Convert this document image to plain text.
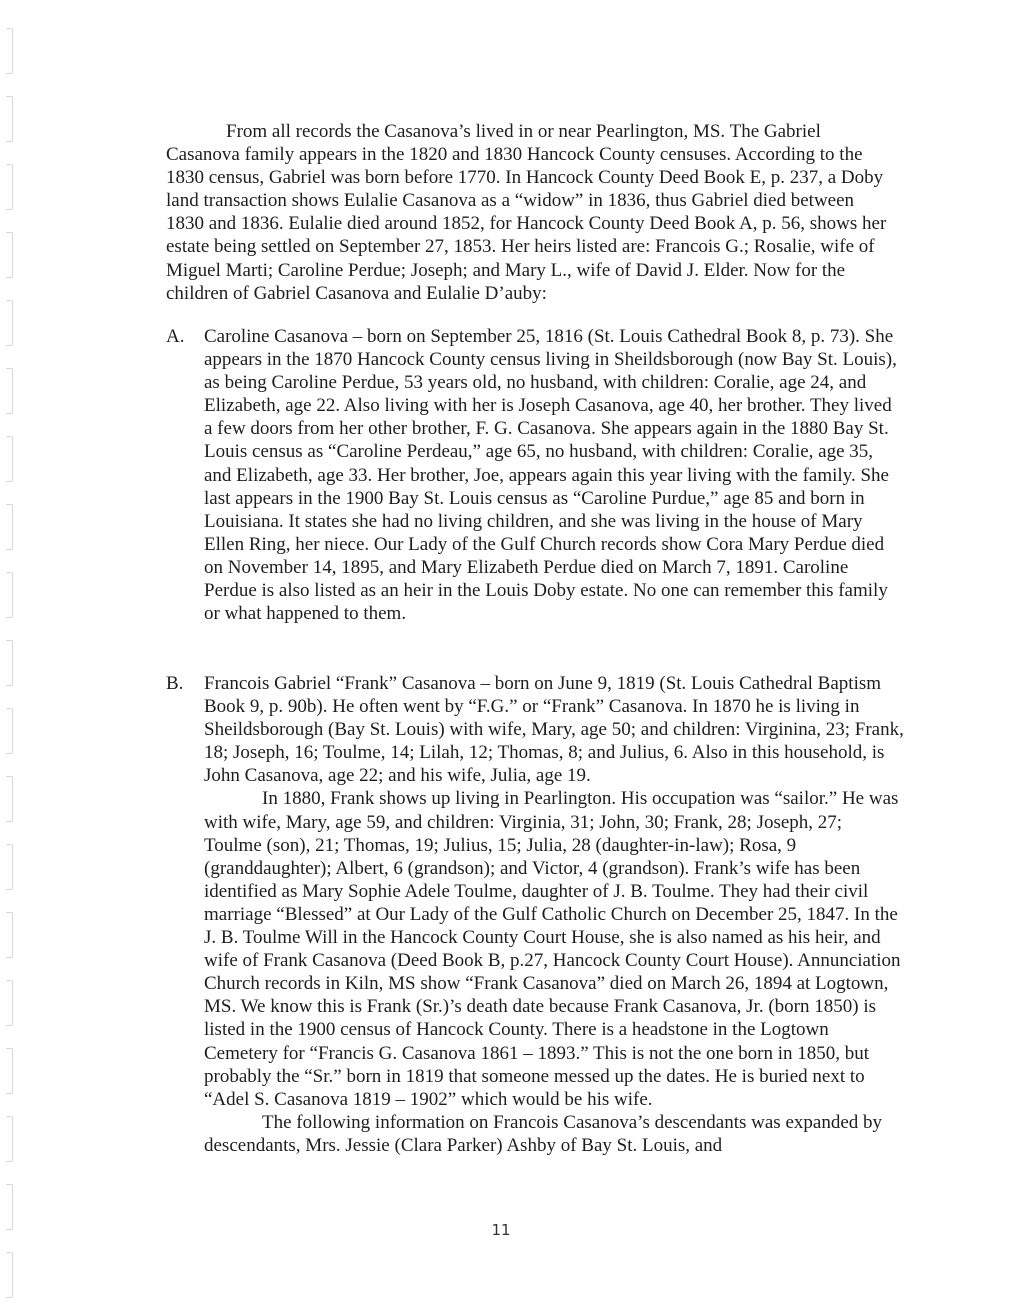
From all records the Casanova’s lived in or near Pearlington, MS. The Gabriel Casanova family appears in the 1820 and 1830 Hancock County censuses. According to the 1830 census, Gabriel was born before 1770. In Hancock County Deed Book E, p. 237, a Doby land transaction shows Eulalie Casanova as a “widow” in 1836, thus Gabriel died between 1830 and 1836. Eulalie died around 1852, for Hancock County Deed Book A, p. 56, shows her estate being settled on September 27, 1853. Her heirs listed are: Francois G.; Rosalie, wife of Miguel Marti; Caroline Perdue; Joseph; and Mary L., wife of David J. Elder. Now for the children of Gabriel Casanova and Eulalie D’auby:

A. Caroline Casanova – born on September 25, 1816 (St. Louis Cathedral Book 8, p. 73). She appears in the 1870 Hancock County census living in Sheildsborough (now Bay St. Louis), as being Caroline Perdue, 53 years old, no husband, with children: Coralie, age 24, and Elizabeth, age 22. Also living with her is Joseph Casanova, age 40, her brother. They lived a few doors from her other brother, F. G. Casanova. She appears again in the 1880 Bay St. Louis census as “Caroline Perdeau,” age 65, no husband, with children: Coralie, age 35, and Elizabeth, age 33. Her brother, Joe, appears again this year living with the family. She last appears in the 1900 Bay St. Louis census as “Caroline Purdue,” age 85 and born in Louisiana. It states she had no living children, and she was living in the house of Mary Ellen Ring, her niece. Our Lady of the Gulf Church records show Cora Mary Perdue died on November 14, 1895, and Mary Elizabeth Perdue died on March 7, 1891. Caroline Perdue is also listed as an heir in the Louis Doby estate. No one can remember this family or what happened to them.

B. Francois Gabriel “Frank” Casanova – born on June 9, 1819 (St. Louis Cathedral Baptism Book 9, p. 90b). He often went by “F.G.” or “Frank” Casanova. In 1870 he is living in Sheildsborough (Bay St. Louis) with wife, Mary, age 50; and children: Virginina, 23; Frank, 18; Joseph, 16; Toulme, 14; Lilah, 12; Thomas, 8; and Julius, 6. Also in this household, is John Casanova, age 22; and his wife, Julia, age 19.

In 1880, Frank shows up living in Pearlington. His occupation was “sailor.” He was with wife, Mary, age 59, and children: Virginia, 31; John, 30; Frank, 28; Joseph, 27; Toulme (son), 21; Thomas, 19; Julius, 15; Julia, 28 (daughter-in-law); Rosa, 9 (granddaughter); Albert, 6 (grandson); and Victor, 4 (grandson). Frank’s wife has been identified as Mary Sophie Adele Toulme, daughter of J. B. Toulme. They had their civil marriage “Blessed” at Our Lady of the Gulf Catholic Church on December 25, 1847. In the J. B. Toulme Will in the Hancock County Court House, she is also named as his heir, and wife of Frank Casanova (Deed Book B, p.27, Hancock County Court House). Annunciation Church records in Kiln, MS show “Frank Casanova” died on March 26, 1894 at Logtown, MS. We know this is Frank (Sr.)’s death date because Frank Casanova, Jr. (born 1850) is listed in the 1900 census of Hancock County. There is a headstone in the Logtown Cemetery for “Francis G. Casanova 1861 – 1893.” This is not the one born in 1850, but probably the “Sr.” born in 1819 that someone messed up the dates. He is buried next to “Adel S. Casanova 1819 – 1902” which would be his wife.

The following information on Francois Casanova’s descendants was expanded by descendants, Mrs. Jessie (Clara Parker) Ashby of Bay St. Louis, and

11
